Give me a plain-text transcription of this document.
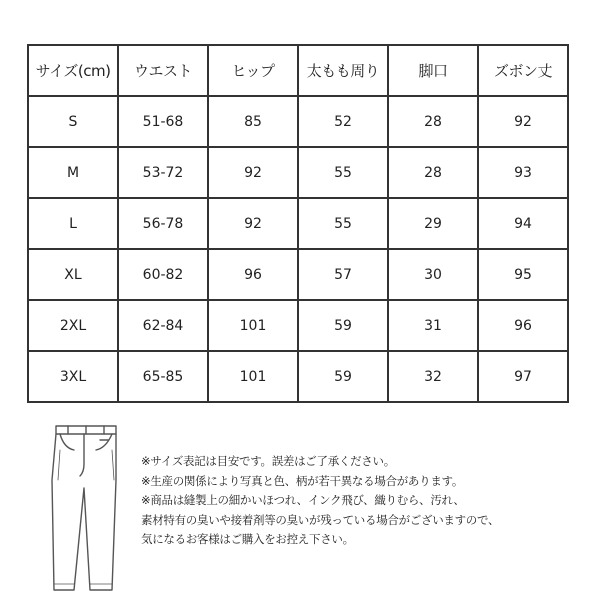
サイズ(cm)	ウエスト	ヒップ	太もも周り	脚口	ズボン丈
S	51-68	85	52	28	92
M	53-72	92	55	28	93
L	56-78	92	55	29	94
XL	60-82	96	57	30	95
2XL	62-84	101	59	31	96
3XL	65-85	101	59	32	97
※サイズ表記は目安です。誤差はご了承ください。
※生産の関係により写真と色、柄が若干異なる場合があります。
※商品は縫製上の細かいほつれ、インク飛び、織りむら、汚れ、
素材特有の臭いや接着剤等の臭いが残っている場合がございますので、
気になるお客様はご購入をお控え下さい。
